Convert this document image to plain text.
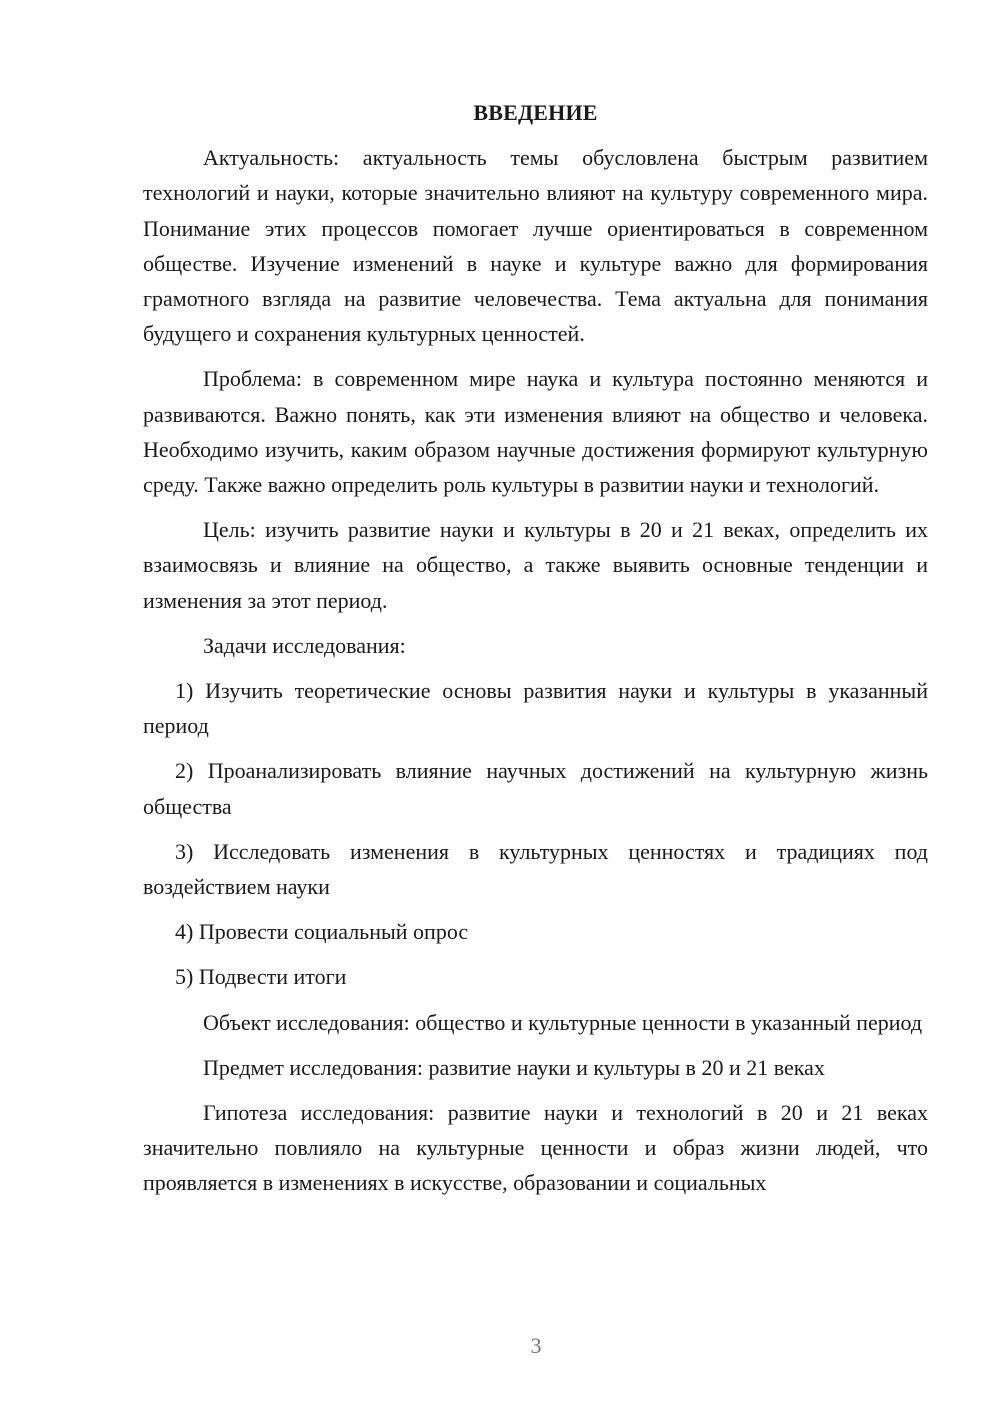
ВВЕДЕНИЕ

Актуальность: актуальность темы обусловлена быстрым развитием технологий и науки, которые значительно влияют на культуру современного мира. Понимание этих процессов помогает лучше ориентироваться в современном обществе. Изучение изменений в науке и культуре важно для формирования грамотного взгляда на развитие человечества. Тема актуальна для понимания будущего и сохранения культурных ценностей.

Проблема: в современном мире наука и культура постоянно меняются и развиваются. Важно понять, как эти изменения влияют на общество и человека. Необходимо изучить, каким образом научные достижения формируют культурную среду. Также важно определить роль культуры в развитии науки и технологий.

Цель: изучить развитие науки и культуры в 20 и 21 веках, определить их взаимосвязь и влияние на общество, а также выявить основные тенденции и изменения за этот период.

Задачи исследования:

1) Изучить теоретические основы развития науки и культуры в указанный период

2) Проанализировать влияние научных достижений на культурную жизнь общества

3) Исследовать изменения в культурных ценностях и традициях под воздействием науки

4) Провести социальный опрос

5) Подвести итоги

Объект исследования: общество и культурные ценности в указанный период

Предмет исследования: развитие науки и культуры в 20 и 21 веках

Гипотеза исследования: развитие науки и технологий в 20 и 21 веках значительно повлияло на культурные ценности и образ жизни людей, что проявляется в изменениях в искусстве, образовании и социальных

3
